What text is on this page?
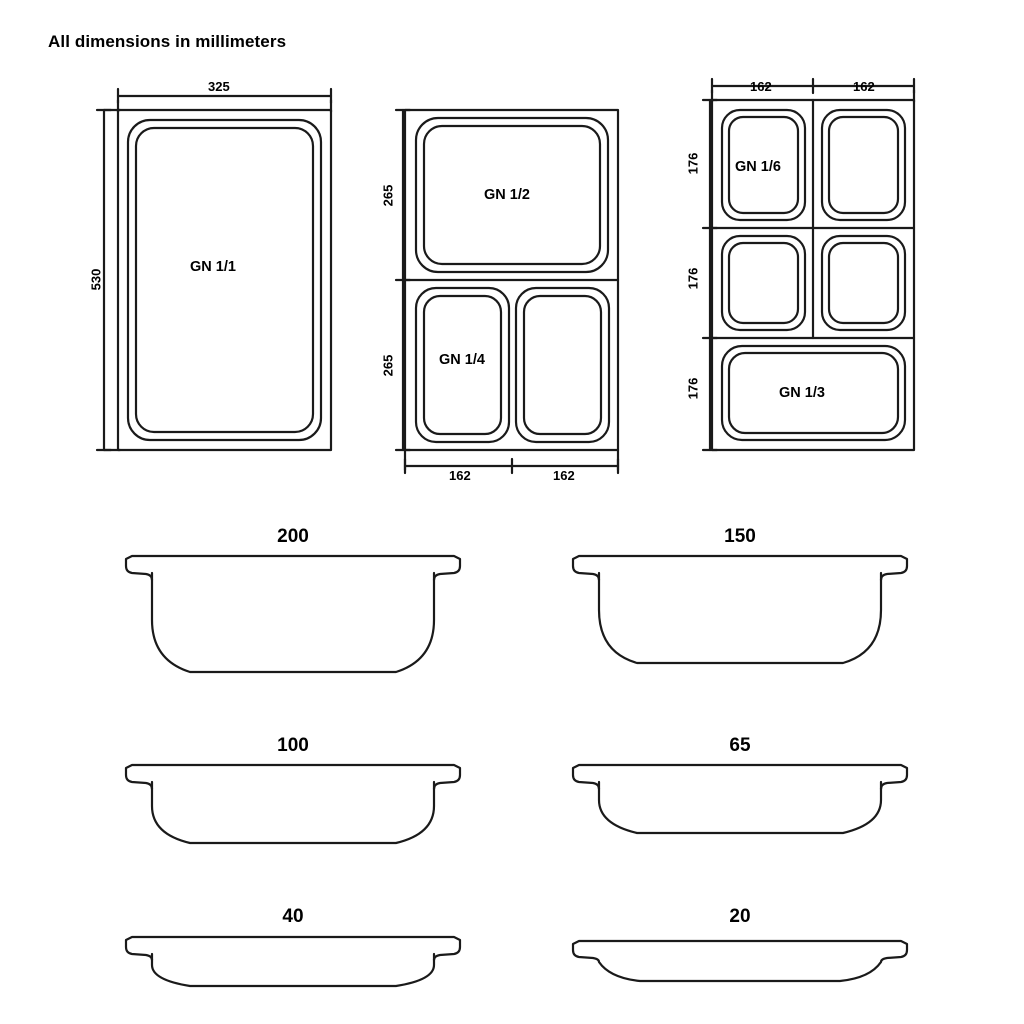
All dimensions in millimeters
GN 1/1
325
530
GN 1/2
GN 1/4
265
265
162	162
GN 1/6
GN 1/3
162	162
176
176
176
200	150
100	65
40	20
